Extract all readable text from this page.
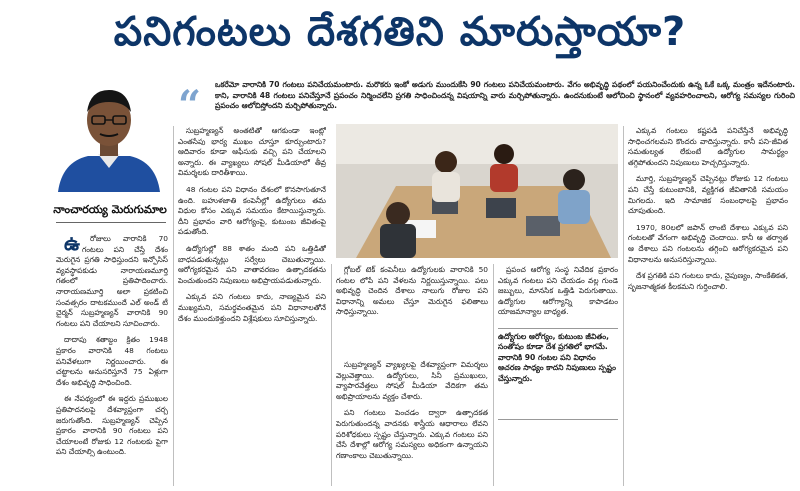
పనిగంటలు దేశగతిని మారుస్తాయా?
నాంచారయ్య మెరుగుమాల
“ ఒకరేమో వారానికి 70 గంటలు పనిచేయమంటారు. మరొకరు ఇంకో అడుగు ముందుకేసి 90 గంటలు పనిచేయమంటారు. వేగం అభివృద్ధి పథంలో పయనించేందుకు ఉన్న ఓకే ఒక్క మంత్రం ఇదేనంటారు. కాని, వారానికి 48 గంటలు పనిచేస్తూనే ప్రపంచం నిర్మించలేని ప్రగతి సాధించిందన్న విషయాన్ని వారు మర్చిపోతున్నారు. ఉందనుకుంటే ఆలోచించి స్థానంలో వ్యవహరించాలని, ఆరోగ్య సమస్యల గురించి ప్రపంచం ఆలోచిస్తోందని మర్చిపోతున్నారు.

ఉ రోజులు వారానికి 70 గంటలు పని చేస్తే దేశం మెరుగైన ప్రగతి సాధిస్తుందని ఇన్ఫోసిస్ వ్యవస్థాపకుడు నారాయణమూర్తి గతంలో ప్రతిపాదించారు. నారాయణమూర్తి అలా ప్రకటించి సంవత్సరం దాటకముందే ఎల్ అండ్ టీ చైర్మన్ సుబ్రహ్మణ్యన్ వారానికి 90 గంటలు పని చేయాలని సూచించారు.

దాదాపు శతాబ్దం క్రితం 1948 ప్రకారం వారానికి 48 గంటలు పనివేళలుగా నిర్ణయించారు. ఈ చట్టాలను అనుసరిస్తూనే 75 ఏళ్లుగా దేశం అభివృద్ధి సాధించింది.

ఈ నేపథ్యంలో ఈ ఇద్దరు ప్రముఖుల ప్రతిపాదనలపై దేశవ్యాప్తంగా చర్చ జరుగుతోంది. సుబ్రహ్మణ్యన్ చెప్పిన ప్రకారం వారానికి 90 గంటలు పని చేయాలంటే రోజుకు 12 గంటలకు పైగా పని చేయాల్సి ఉంటుంది.

సుబ్రహ్మణ్యన్ అంతటితో ఆగకుండా ఇంట్లో ఎంతసేపు భార్య ముఖం చూస్తూ కూర్చుంటారు? ఆదివారం కూడా ఆఫీసుకు వచ్చి పని చేయాలని అన్నారు. ఈ వ్యాఖ్యలు సోషల్ మీడియాలో తీవ్ర విమర్శలకు దారితీశాయి.

48 గంటల పని విధానం దేశంలో కొనసాగుతూనే ఉంది. బహుళజాతి కంపెనీల్లో ఉద్యోగులు తమ విధుల కోసం ఎక్కువ సమయం కేటాయిస్తున్నారు. దీని ప్రభావం వారి ఆరోగ్యంపై, కుటుంబ జీవితంపై పడుతోంది.

ఉద్యోగుల్లో 88 శాతం మంది పని ఒత్తిడితో బాధపడుతున్నట్లు సర్వేలు చెబుతున్నాయి. ఆరోగ్యకరమైన పని వాతావరణం ఉత్పాదకతను పెంచుతుందని నిపుణులు అభిప్రాయపడుతున్నారు.

ఎక్కువ పని గంటలు కాదు, నాణ్యమైన పని ముఖ్యమని, సమర్థవంతమైన పని విధానాలతోనే దేశం ముందుకెళ్తుందని విశ్లేషకులు సూచిస్తున్నారు.

గ్లోబల్ టెక్ కంపెనీలు ఉద్యోగులకు వారానికి 50 గంటల లోపే పని వేళలను నిర్ణయిస్తున్నాయి. పలు అభివృద్ధి చెందిన దేశాలు నాలుగు రోజుల పని విధానాన్ని అమలు చేస్తూ మెరుగైన ఫలితాలు సాధిస్తున్నాయి.

సుబ్రహ్మణ్యన్ వ్యాఖ్యలపై దేశవ్యాప్తంగా విమర్శలు వెల్లువెత్తాయి. ఉద్యోగులు, సినీ ప్రముఖులు, వ్యాపారవేత్తలు సోషల్ మీడియా వేదికగా తమ అభిప్రాయాలను వ్యక్తం చేశారు.

పని గంటలు పెంచడం ద్వారా ఉత్పాదకత పెరుగుతుందన్న వాదనకు శాస్త్రీయ ఆధారాలు లేవని పరిశోధకులు స్పష్టం చేస్తున్నారు. ఎక్కువ గంటలు పని చేసే దేశాల్లో ఆరోగ్య సమస్యలు అధికంగా ఉన్నాయని గణాంకాలు చెబుతున్నాయి.

ప్రపంచ ఆరోగ్య సంస్థ నివేదిక ప్రకారం ఎక్కువ గంటలు పని చేయడం వల్ల గుండె జబ్బులు, మానసిక ఒత్తిడి పెరుగుతాయి. ఉద్యోగుల ఆరోగ్యాన్ని కాపాడటం యాజమాన్యాల బాధ్యత.

ఉద్యోగుల ఆరోగ్యం, కుటుంబ జీవితం, సంతోషం కూడా దేశ ప్రగతిలో భాగమే. వారానికి 90 గంటల పని విధానం ఆచరణ సాధ్యం కాదని నిపుణులు స్పష్టం చేస్తున్నారు.

ఎక్కువ గంటలు కష్టపడి పనిచేస్తేనే అభివృద్ధి సాధించగలమని కొందరు వాదిస్తున్నారు. కానీ పని-జీవిత సమతుల్యత లేకుంటే ఉద్యోగుల సామర్థ్యం తగ్గిపోతుందని నిపుణులు హెచ్చరిస్తున్నారు.

మూర్తి, సుబ్రహ్మణ్యన్ చెప్పినట్లు రోజుకు 12 గంటలు పని చేస్తే కుటుంబానికి, వ్యక్తిగత జీవితానికి సమయం మిగలదు. ఇది సామాజిక సంబంధాలపై ప్రభావం చూపుతుంది.

1970, 80లలో జపాన్ లాంటి దేశాలు ఎక్కువ పని గంటలతో వేగంగా అభివృద్ధి చెందాయి. కానీ ఆ తర్వాత ఆ దేశాలు పని గంటలను తగ్గించి ఆరోగ్యకరమైన పని విధానాలను అనుసరిస్తున్నాయి.

దేశ ప్రగతికి పని గంటలు కాదు, నైపుణ్యం, సాంకేతికత, సృజనాత్మకత కీలకమని గుర్తించాలి.
